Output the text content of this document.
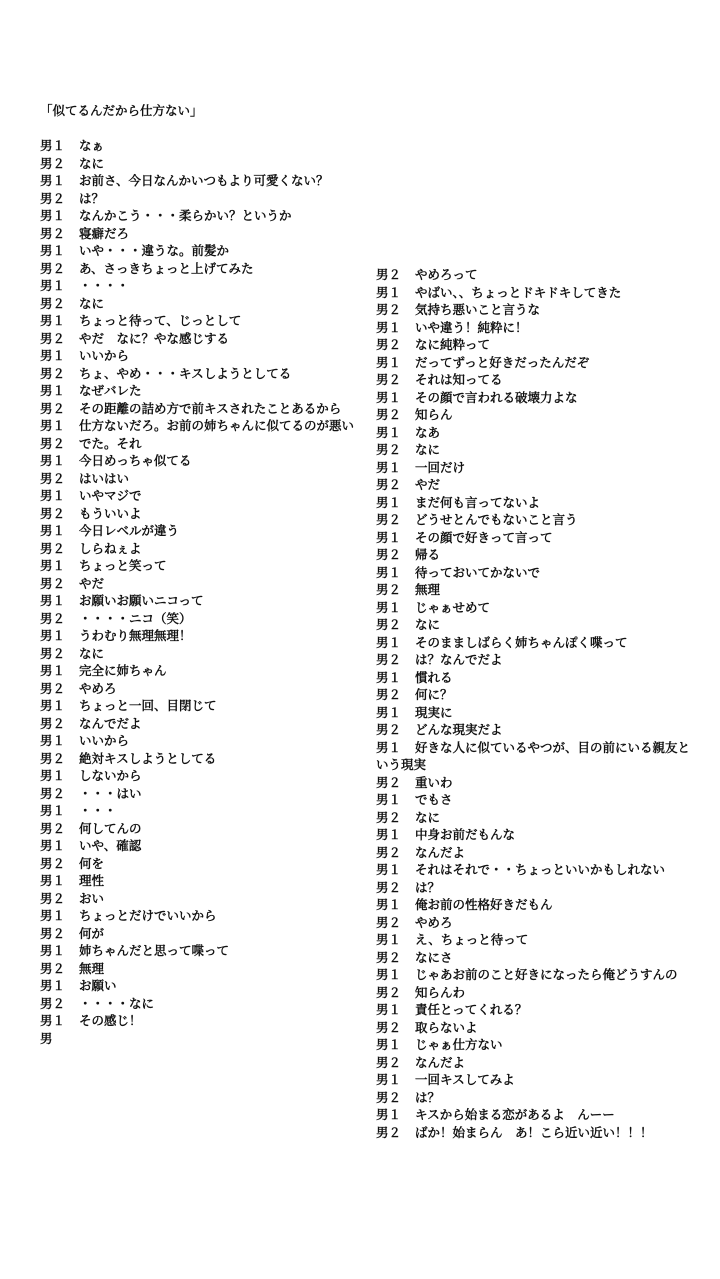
「似てるんだから仕方ない」
男１	なぁ
男２	なに
男１	お前さ、今日なんかいつもより可愛くない？
男２	は？
男１	なんかこう・・・柔らかい？というか
男２	寝癖だろ
男１	いや・・・違うな。前髪か
男２	あ、さっきちょっと上げてみた
男１	・・・・
男２	なに
男１	ちょっと待って、じっとして
男２	やだ　なに？やな感じする
男１	いいから
男２	ちょ、やめ・・・キスしようとしてる
男１	なぜバレた
男２	その距離の詰め方で前キスされたことあるから
男１	仕方ないだろ。お前の姉ちゃんに似てるのが悪い
男２	でた。それ
男１	今日めっちゃ似てる
男２	はいはい
男１	いやマジで
男２	もういいよ
男１	今日レベルが違う
男２	しらねぇよ
男１	ちょっと笑って
男２	やだ
男１	お願いお願いニコって
男２	・・・・ニコ（笑）
男１	うわむり無理無理！
男２	なに
男１	完全に姉ちゃん
男２	やめろ
男１	ちょっと一回、目閉じて
男２	なんでだよ
男１	いいから
男２	絶対キスしようとしてる
男１	しないから
男２	・・・はい
男１	・・・
男２	何してんの
男１	いや、確認
男２	何を
男１	理性
男２	おい
男１	ちょっとだけでいいから
男２	何が
男１	姉ちゃんだと思って喋って
男２	無理
男１	お願い
男２	・・・・なに
男１	その感じ！
男
男２	やめろって
男１	やばい、、ちょっとドキドキしてきた
男２	気持ち悪いこと言うな
男１	いや違う！純粋に！
男２	なに純粋って
男１	だってずっと好きだったんだぞ
男２	それは知ってる
男１	その顔で言われる破壊力よな
男２	知らん
男１	なあ
男２	なに
男１	一回だけ
男２	やだ
男１	まだ何も言ってないよ
男２	どうせとんでもないこと言う
男１	その顔で好きって言って
男２	帰る
男１	待っておいてかないで
男２	無理
男１	じゃぁせめて
男２	なに
男１	そのまましばらく姉ちゃんぽく喋って
男２	は？なんでだよ
男１	慣れる
男２	何に？
男１	現実に
男２	どんな現実だよ
男１	好きな人に似ているやつが、目の前にいる親友と
いう現実
男２	重いわ
男１	でもさ
男２	なに
男１	中身お前だもんな
男２	なんだよ
男１	それはそれで・・ちょっといいかもしれない
男２	は？
男１	俺お前の性格好きだもん
男２	やめろ
男１	え、ちょっと待って
男２	なにさ
男１	じゃあお前のこと好きになったら俺どうすんの
男２	知らんわ
男１	責任とってくれる？
男２	取らないよ
男１	じゃぁ仕方ない
男２	なんだよ
男１	一回キスしてみよ
男２	は？
男１	キスから始まる恋があるよ　んーー
男２	ばか！始まらん　あ！こら近い近い！！！
